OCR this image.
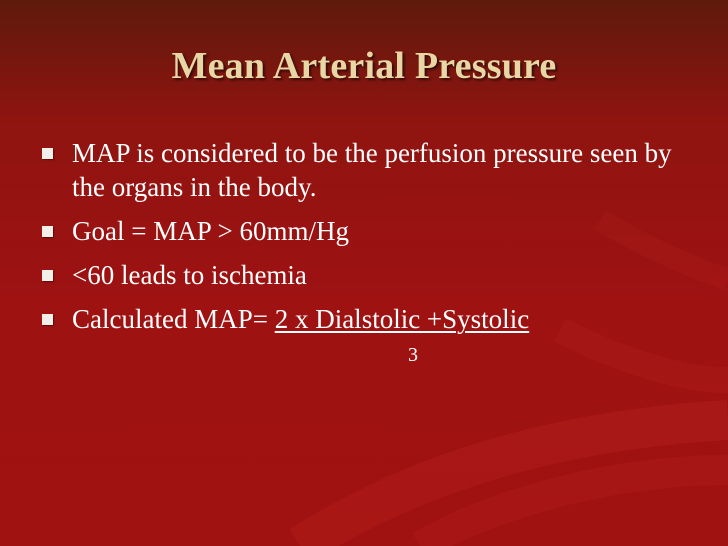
Mean Arterial Pressure
MAP is considered to be the perfusion pressure seen by the organs in the body.
Goal = MAP > 60mm/Hg
<60 leads to ischemia
Calculated MAP= 2 x Dialstolic +Systolic
3
